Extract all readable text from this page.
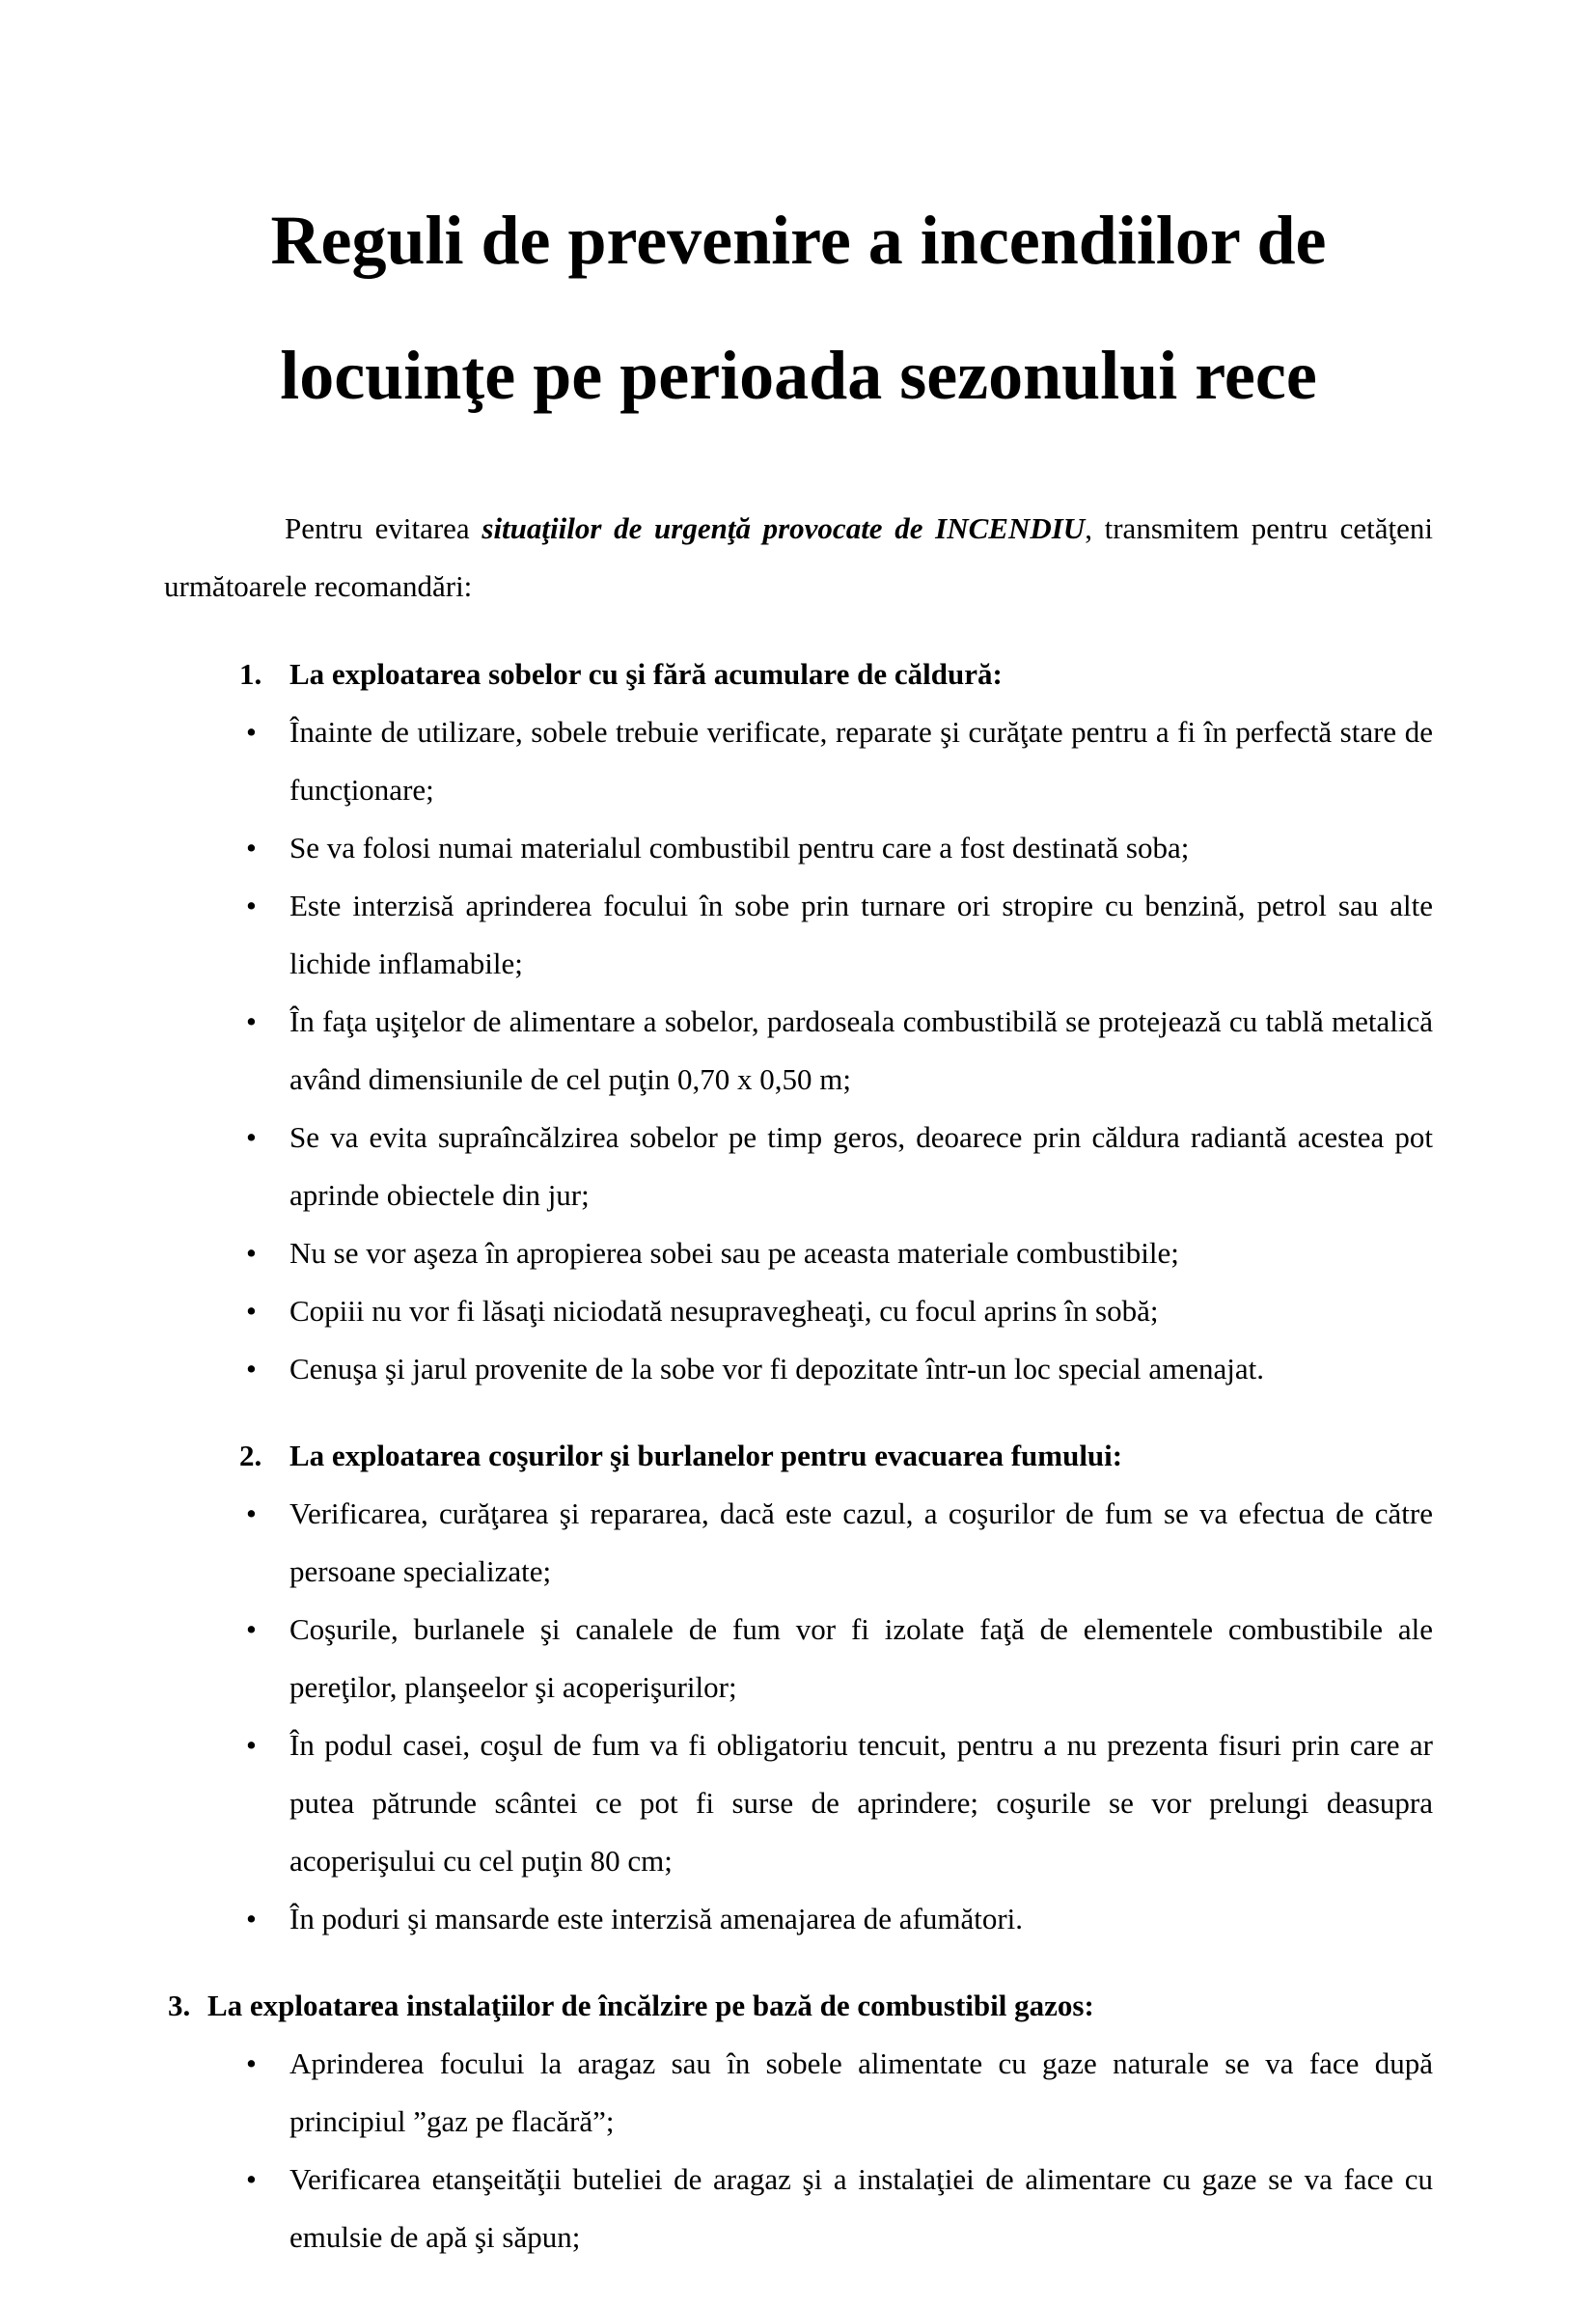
Reguli de prevenire a incendiilor de
locuinţe pe perioada sezonului rece

Pentru evitarea situaţiilor de urgenţă provocate de INCENDIU, transmitem pentru cetăţeni următoarele recomandări:

1. La exploatarea sobelor cu şi fără acumulare de căldură:
• Înainte de utilizare, sobele trebuie verificate, reparate şi curăţate pentru a fi în perfectă stare de funcţionare;
• Se va folosi numai materialul combustibil pentru care a fost destinată soba;
• Este interzisă aprinderea focului în sobe prin turnare ori stropire cu benzină, petrol sau alte lichide inflamabile;
• În faţa uşiţelor de alimentare a sobelor, pardoseala combustibilă se protejează cu tablă metalică având dimensiunile de cel puţin 0,70 x 0,50 m;
• Se va evita supraîncălzirea sobelor pe timp geros, deoarece prin căldura radiantă acestea pot aprinde obiectele din jur;
• Nu se vor aşeza în apropierea sobei sau pe aceasta materiale combustibile;
• Copiii nu vor fi lăsaţi niciodată nesupravegheaţi, cu focul aprins în sobă;
• Cenuşa şi jarul provenite de la sobe vor fi depozitate într-un loc special amenajat.
2. La exploatarea coşurilor şi burlanelor pentru evacuarea fumului:
• Verificarea, curăţarea şi repararea, dacă este cazul, a coşurilor de fum se va efectua de către persoane specializate;
• Coşurile, burlanele şi canalele de fum vor fi izolate faţă de elementele combustibile ale pereţilor, planşeelor şi acoperişurilor;
• În podul casei, coşul de fum va fi obligatoriu tencuit, pentru a nu prezenta fisuri prin care ar putea pătrunde scântei ce pot fi surse de aprindere; coşurile se vor prelungi deasupra acoperişului cu cel puţin 80 cm;
• În poduri şi mansarde este interzisă amenajarea de afumători.
3. La exploatarea instalaţiilor de încălzire pe bază de combustibil gazos:
• Aprinderea focului la aragaz sau în sobele alimentate cu gaze naturale se va face după principiul ”gaz pe flacără”;
• Verificarea etanşeităţii buteliei de aragaz şi a instalaţiei de alimentare cu gaze se va face cu emulsie de apă şi săpun;
